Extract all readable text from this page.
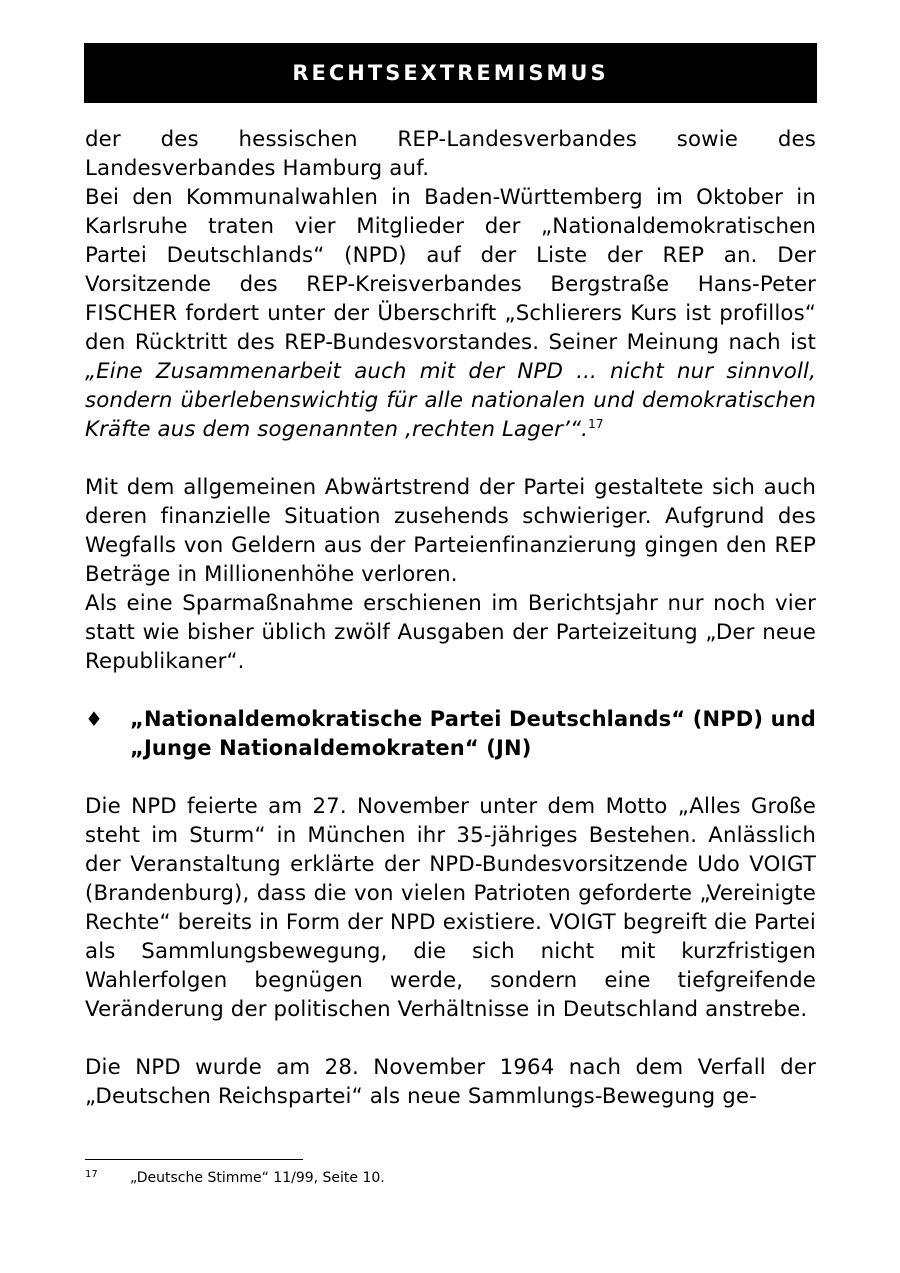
RECHTSEXTREMISMUS

der des hessischen REP-Landesverbandes sowie des Landesverbandes Hamburg auf.

Bei den Kommunalwahlen in Baden-Württemberg im Oktober in Karlsruhe traten vier Mitglieder der „Nationaldemokratischen Partei Deutschlands“ (NPD) auf der Liste der REP an. Der Vorsitzende des REP-Kreisverbandes Bergstraße Hans-Peter FISCHER fordert unter der Überschrift „Schlierers Kurs ist profillos“ den Rücktritt des REP-Bundesvorstandes. Seiner Meinung nach ist „Eine Zusammenarbeit auch mit der NPD ... nicht nur sinnvoll, sondern überlebenswichtig für alle nationalen und demokratischen Kräfte aus dem sogenannten ‚rechten Lager’“.$^{17}$

Mit dem allgemeinen Abwärtstrend der Partei gestaltete sich auch deren finanzielle Situation zusehends schwieriger. Aufgrund des Wegfalls von Geldern aus der Parteienfinanzierung gingen den REP Beträge in Millionenhöhe verloren.

Als eine Sparmaßnahme erschienen im Berichtsjahr nur noch vier statt wie bisher üblich zwölf Ausgaben der Parteizeitung „Der neue Republikaner“.

♦	„Nationaldemokratische Partei Deutschlands“ (NPD) und „Junge Nationaldemokraten“ (JN)

Die NPD feierte am 27. November unter dem Motto „Alles Große steht im Sturm“ in München ihr 35-jähriges Bestehen. Anlässlich der Veranstaltung erklärte der NPD-Bundesvorsitzende Udo VOIGT (Brandenburg), dass die von vielen Patrioten geforderte „Vereinigte Rechte“ bereits in Form der NPD existiere. VOIGT begreift die Partei als Sammlungsbewegung, die sich nicht mit kurzfristigen Wahlerfolgen begnügen werde, sondern eine tiefgreifende Veränderung der politischen Verhältnisse in Deutschland anstrebe.

Die NPD wurde am 28. November 1964 nach dem Verfall der „Deutschen Reichspartei“ als neue Sammlungs-Bewegung ge-

17	„Deutsche Stimme“ 11/99, Seite 10.
